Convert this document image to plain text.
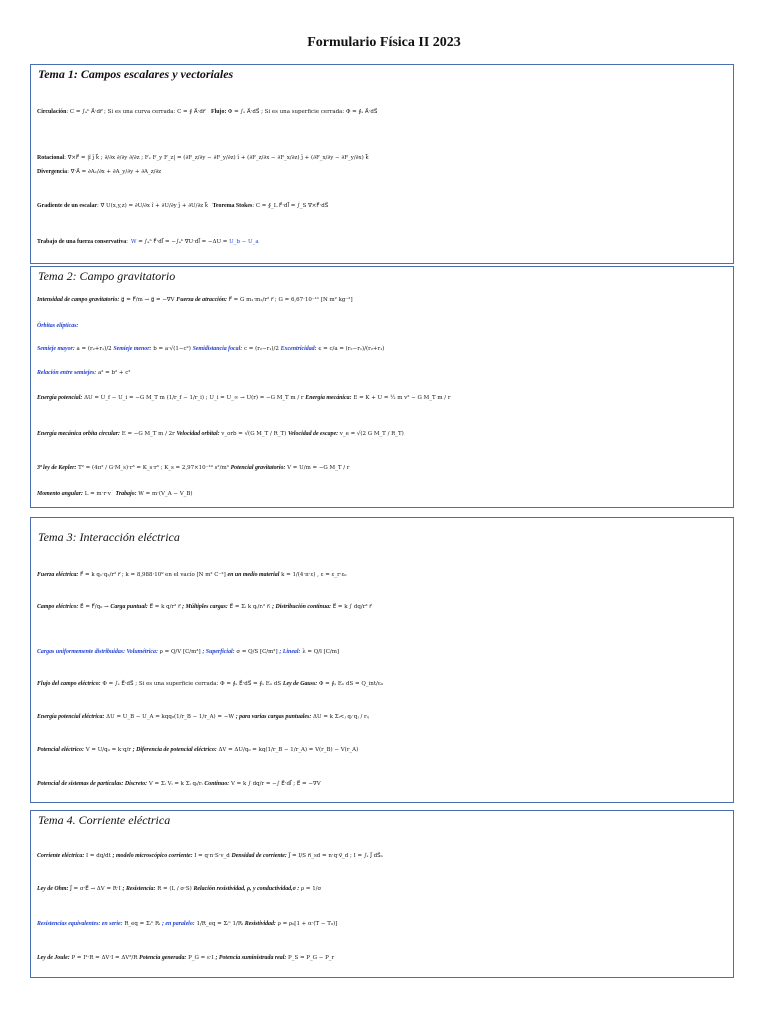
Formulario Física II 2023
Tema 1: Campos escalares y vectoriales
Circulación: C = ∫ₐᵇ A⃗·dr⃗ ; Si es una curva cerrada: C = ∮ A⃗·dr⃗ Flujo: Φ = ∫ₛ A⃗·dS⃗ ; Si es una superficie cerrada: Φ = ∮ₛ A⃗·dS⃗
Rotacional: ∇⃗×F⃗ = |î ĵ k⃗ ; ∂/∂x ∂/∂y ∂/∂z ; Fₓ F_y F_z| = (∂F_z/∂y − ∂F_y/∂z) î + (∂F_z/∂x − ∂F_x/∂z) ĵ + (∂F_x/∂y − ∂F_y/∂x) k⃗
Divergencia: ∇⃗·A⃗ = ∂Aₓ/∂x + ∂A_y/∂y + ∂A_z/∂z
Gradiente de un escalar: ∇⃗ U(x,y,z) = ∂U/∂x î + ∂U/∂y ĵ + ∂U/∂z k⃗ Teorema Stokes: C = ∮_L F⃗·dl⃗ = ∫_S ∇⃗×F⃗·dS⃗
Trabajo de una fuerza conservativa:  W = ∫ₐᵇ F⃗·dl⃗ = −∫ₐᵇ ∇⃗U·dl⃗ = −ΔU = U_b − U_a
Tema 2: Campo gravitatorio
Intensidad de campo gravitatorio: g⃗ = F⃗/m → g⃗ = −∇⃗V Fuerza de atracción: F⃗ = G m₁·m₂/r² r⃗ ; G = 6,67·10⁻¹¹ [N m² kg⁻²]
Órbitas elípticas:
Semieje mayor: a = (r₂+r₁)/2 Semieje menor: b = a·√(1−c²) Semidistancia focal: c = (r₂−r₁)/2 Excentricidad: ϵ = c/a = (r₂−r₁)/(r₂+r₁)
Relación entre semiejes: a² = b² + c²
Energía potencial: ΔU = U_f − U_i = −G M_T m (1/r_f − 1/r_i) ; U_i = U_∞ → U(r) = −G M_T m / r Energía mecánica: E = K + U = ½ m v² − G M_T m / r
Energía mecánica orbita circular: E = −G M_T m / 2r Velocidad orbital: v_orb = √(G M_T / R_T) Velocidad de escape: v_e = √(2 G M_T / R_T)
3ª ley de Kepler: T² = (4π² / G·M_s)·r³ = K_s·r³ ; K_s = 2,97×10⁻¹⁹ s²/m³ Potencial gravitatorio: V = U/m = −G M_T / r
Momento angular: L = m·r·v   Trabajo: W = m·(V_A − V_B)
Tema 3: Interacción eléctrica
Fuerza eléctrica: F⃗ = k q₁·q₂/r² r⃗ ; k = 8,988·10⁹ en el vacío [N m² C⁻²] en un medio material k = 1/(4·π·ε) , ε = ε_r·ε₀
Campo eléctrico: E⃗ = F⃗/q₀ → Carga puntual: E⃗ = k q/r² r⃗ ; Múltiples cargas: E⃗ = Σᵢ k qᵢ/rᵢ² r⃗ᵢ ; Distribución continua: E⃗ = k ∫ dq/r² r⃗
Cargas uniformemente distribuidas: Volumétrica: ρ = Q/V [C/m³] ; Superficial: σ = Q/S [C/m²] ; Lineal: λ = Q/l [C/m]
Flujo del campo eléctrico: Φ = ∫ₛ E⃗·dS⃗ ; Si es una superficie cerrada: Φ = ∮ₛ E⃗·dS⃗ = ∮ₛ Eₙ dS Ley de Gauss: Φ = ∮ₛ Eₙ dS = Q_int/ε₀
Energía potencial eléctrica: ΔU = U_B − U_A = kqq₀(1/r_B − 1/r_A) = −W ; para varias cargas puntuales: ΔU = k Σᵢ<ⱼ qᵢ·qⱼ / rᵢⱼ
Potencial eléctrico: V = U/q₀ = k·q/r ; Diferencia de potencial eléctrico: ΔV = ΔU/q₀ = kq(1/r_B − 1/r_A) = V(r_B) − V(r_A)
Potencial de sistemas de partículas: Discreto: V = Σᵢ Vᵢ = k Σᵢ qᵢ/rᵢ Continuo: V = k ∫ dq/r = −∫ E⃗·dl⃗ ; E⃗ = −∇V
Tema 4. Corriente eléctrica
Corriente eléctrica: I = dq/dt ; modelo microscópico corriente: I = q·n·S·v_d Densidad de corriente: J⃗ = I/S n⃗_sd = n·q·v⃗_d ; I = ∫ₛ J⃗ dS⃗ₙ
Ley de Ohm: J⃗ = σ·E⃗ → ΔV = R·I ; Resistencia: R = (L / σ·S) Relación resistividad, ρ, y conductividad,σ : ρ = 1/σ
Resistencias equivalentes: en serie: R_eq = Σᵢⁿ Rᵢ ; en paralelo: 1/R_eq = Σᵢⁿ 1/Rᵢ Resistividad: ρ = ρ₀[1 + α·(T − T₀)]
Ley de Joule: P = I²·R = ΔV·I = ΔV²/R Potencia generada: P_G = ε·I ; Potencia suministrada real: P_S = P_G − P_r
